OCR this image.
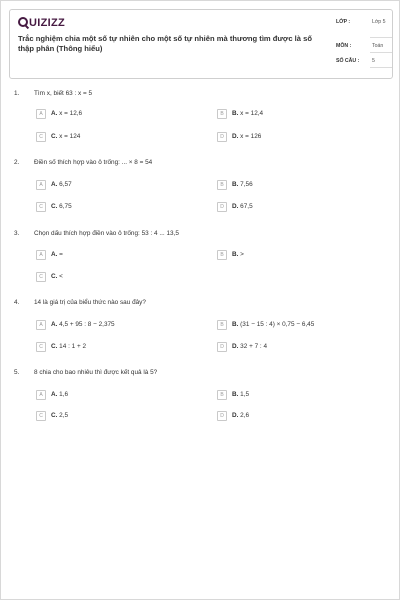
UIZIZZ
Trắc nghiệm chia một số tự nhiên cho một số tự nhiên mà thương tìm được là số thập phân (Thông hiểu)
LỚP :	Lớp 5
MÔN :	Toán
SỐ CÂU : 5
1. Tìm x, biết 63 : x = 5
A	A. x = 12,6	B	B. x = 12,4
C	C. x = 124	D	D. x = 126
2. Điền số thích hợp vào ô trống: ... × 8 = 54
A	A. 6,57	B	B. 7,56
C	C. 6,75	D	D. 67,5
3. Chọn dấu thích hợp điền vào ô trống: 53 : 4 ... 13,5
A	A. =	B	B. >
C	C. <
4. 14 là giá trị của biểu thức nào sau đây?
A	A. 4,5 + 95 : 8 − 2,375	B	B. (31 − 15 : 4) × 0,75 − 6,45
C	C. 14 : 1 + 2	D	D. 32 + 7 : 4
5. 8 chia cho bao nhiêu thì được kết quả là 5?
A	A. 1,6	B	B. 1,5
C	C. 2,5	D	D. 2,6
